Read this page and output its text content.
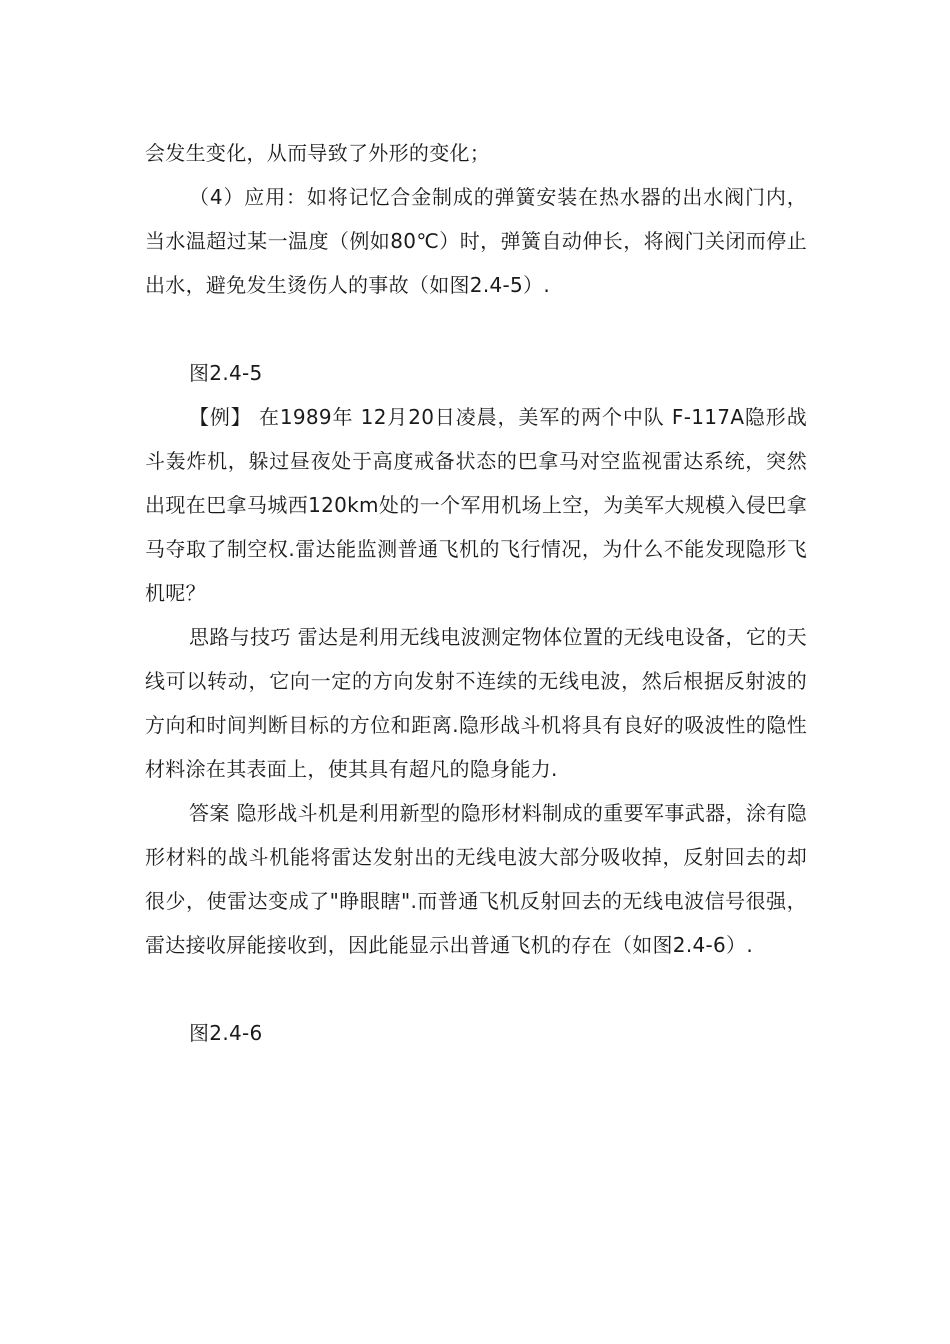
会发生变化，从而导致了外形的变化；

（4）应用：如将记忆合金制成的弹簧安装在热水器的出水阀门内，当水温超过某一温度（例如80℃）时，弹簧自动伸长，将阀门关闭而停止出水，避免发生烫伤人的事故（如图2.4-5）.

图2.4-5

【例】 在1989年 12月20日凌晨，美军的两个中队 F-117A隐形战斗轰炸机，躲过昼夜处于高度戒备状态的巴拿马对空监视雷达系统，突然出现在巴拿马城西120km处的一个军用机场上空，为美军大规模入侵巴拿马夺取了制空权.雷达能监测普通飞机的飞行情况，为什么不能发现隐形飞机呢？

思路与技巧 雷达是利用无线电波测定物体位置的无线电设备，它的天线可以转动，它向一定的方向发射不连续的无线电波，然后根据反射波的方向和时间判断目标的方位和距离.隐形战斗机将具有良好的吸波性的隐性材料涂在其表面上，使其具有超凡的隐身能力.

答案 隐形战斗机是利用新型的隐形材料制成的重要军事武器，涂有隐形材料的战斗机能将雷达发射出的无线电波大部分吸收掉，反射回去的却很少，使雷达变成了"睁眼瞎".而普通飞机反射回去的无线电波信号很强，雷达接收屏能接收到，因此能显示出普通飞机的存在（如图2.4-6）.

图2.4-6
